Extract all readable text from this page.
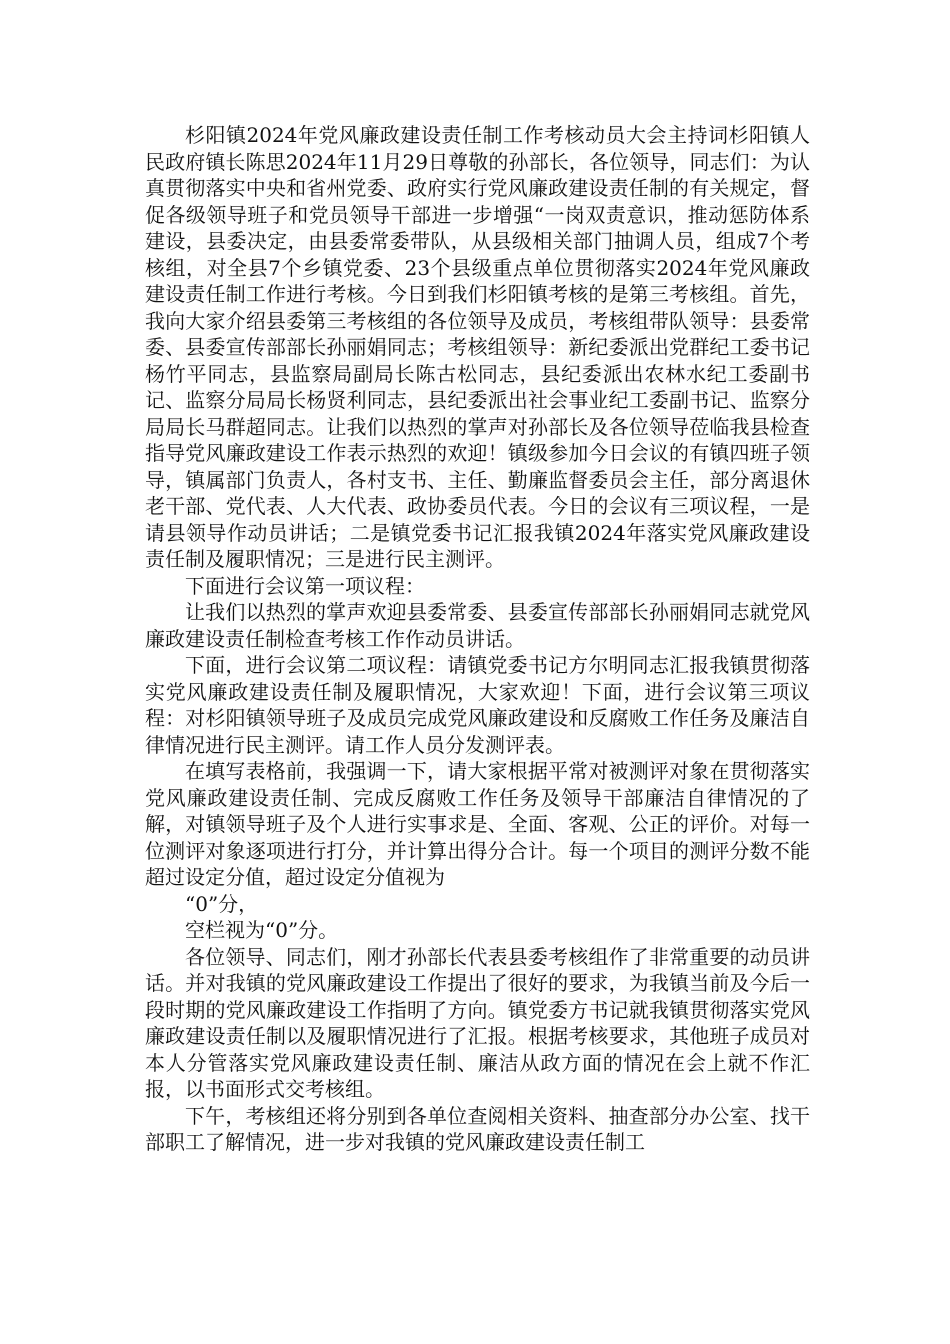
杉阳镇2024年党风廉政建设责任制工作考核动员大会主持词杉阳镇人民政府镇长陈思2024年11月29日尊敬的孙部长，各位领导，同志们：为认真贯彻落实中央和省州党委、政府实行党风廉政建设责任制的有关规定，督促各级领导班子和党员领导干部进一步增强“一岗双责意识，推动惩防体系建设，县委决定，由县委常委带队，从县级相关部门抽调人员，组成7个考核组，对全县7个乡镇党委、23个县级重点单位贯彻落实2024年党风廉政建设责任制工作进行考核。今日到我们杉阳镇考核的是第三考核组。首先，我向大家介绍县委第三考核组的各位领导及成员，考核组带队领导：县委常委、县委宣传部部长孙丽娟同志；考核组领导：新纪委派出党群纪工委书记杨竹平同志，县监察局副局长陈古松同志，县纪委派出农林水纪工委副书记、监察分局局长杨贤利同志，县纪委派出社会事业纪工委副书记、监察分局局长马群超同志。让我们以热烈的掌声对孙部长及各位领导莅临我县检查指导党风廉政建设工作表示热烈的欢迎！镇级参加今日会议的有镇四班子领导，镇属部门负责人，各村支书、主任、勤廉监督委员会主任，部分离退休老干部、党代表、人大代表、政协委员代表。今日的会议有三项议程，一是请县领导作动员讲话；二是镇党委书记汇报我镇2024年落实党风廉政建设责任制及履职情况；三是进行民主测评。

下面进行会议第一项议程：

让我们以热烈的掌声欢迎县委常委、县委宣传部部长孙丽娟同志就党风廉政建设责任制检查考核工作作动员讲话。

下面，进行会议第二项议程：请镇党委书记方尔明同志汇报我镇贯彻落实党风廉政建设责任制及履职情况，大家欢迎！下面，进行会议第三项议程：对杉阳镇领导班子及成员完成党风廉政建设和反腐败工作任务及廉洁自律情况进行民主测评。请工作人员分发测评表。

在填写表格前，我强调一下，请大家根据平常对被测评对象在贯彻落实党风廉政建设责任制、完成反腐败工作任务及领导干部廉洁自律情况的了解，对镇领导班子及个人进行实事求是、全面、客观、公正的评价。对每一位测评对象逐项进行打分，并计算出得分合计。每一个项目的测评分数不能超过设定分值，超过设定分值视为

“0”分，

空栏视为“0”分。

各位领导、同志们，刚才孙部长代表县委考核组作了非常重要的动员讲话。并对我镇的党风廉政建设工作提出了很好的要求，为我镇当前及今后一段时期的党风廉政建设工作指明了方向。镇党委方书记就我镇贯彻落实党风廉政建设责任制以及履职情况进行了汇报。根据考核要求，其他班子成员对本人分管落实党风廉政建设责任制、廉洁从政方面的情况在会上就不作汇报，以书面形式交考核组。

下午，考核组还将分别到各单位查阅相关资料、抽查部分办公室、找干部职工了解情况，进一步对我镇的党风廉政建设责任制工
